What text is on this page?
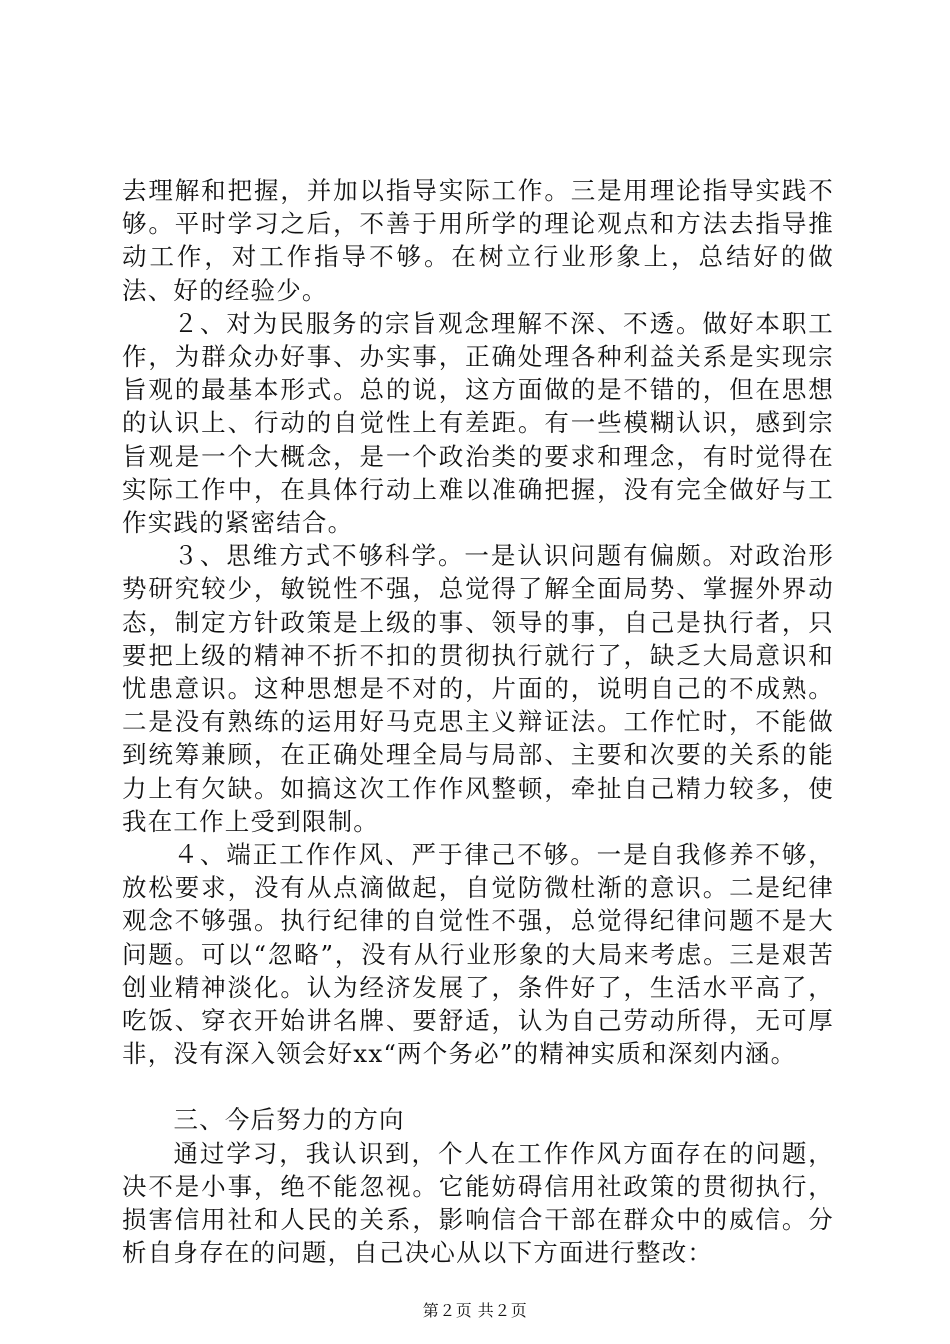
去理解和把握，并加以指导实际工作。三是用理论指导实践不够。平时学习之后，不善于用所学的理论观点和方法去指导推动工作，对工作指导不够。在树立行业形象上，总结好的做法、好的经验少。

２、对为民服务的宗旨观念理解不深、不透。做好本职工作，为群众办好事、办实事，正确处理各种利益关系是实现宗旨观的最基本形式。总的说，这方面做的是不错的，但在思想的认识上、行动的自觉性上有差距。有一些模糊认识，感到宗旨观是一个大概念，是一个政治类的要求和理念，有时觉得在实际工作中，在具体行动上难以准确把握，没有完全做好与工作实践的紧密结合。

３、思维方式不够科学。一是认识问题有偏颇。对政治形势研究较少，敏锐性不强，总觉得了解全面局势、掌握外界动态，制定方针政策是上级的事、领导的事，自己是执行者，只要把上级的精神不折不扣的贯彻执行就行了，缺乏大局意识和忧患意识。这种思想是不对的，片面的，说明自己的不成熟。二是没有熟练的运用好马克思主义辩证法。工作忙时，不能做到统筹兼顾，在正确处理全局与局部、主要和次要的关系的能力上有欠缺。如搞这次工作作风整顿，牵扯自己精力较多，使我在工作上受到限制。

４、端正工作作风、严于律己不够。一是自我修养不够，放松要求，没有从点滴做起，自觉防微杜渐的意识。二是纪律观念不够强。执行纪律的自觉性不强，总觉得纪律问题不是大问题。可以“忽略”，没有从行业形象的大局来考虑。三是艰苦创业精神淡化。认为经济发展了，条件好了，生活水平高了，吃饭、穿衣开始讲名牌、要舒适，认为自己劳动所得，无可厚非，没有深入领会好xx“两个务必”的精神实质和深刻内涵。

三、今后努力的方向

通过学习，我认识到，个人在工作作风方面存在的问题，决不是小事，绝不能忽视。它能妨碍信用社政策的贯彻执行，损害信用社和人民的关系，影响信合干部在群众中的威信。分析自身存在的问题，自己决心从以下方面进行整改：

第２页 共２页
